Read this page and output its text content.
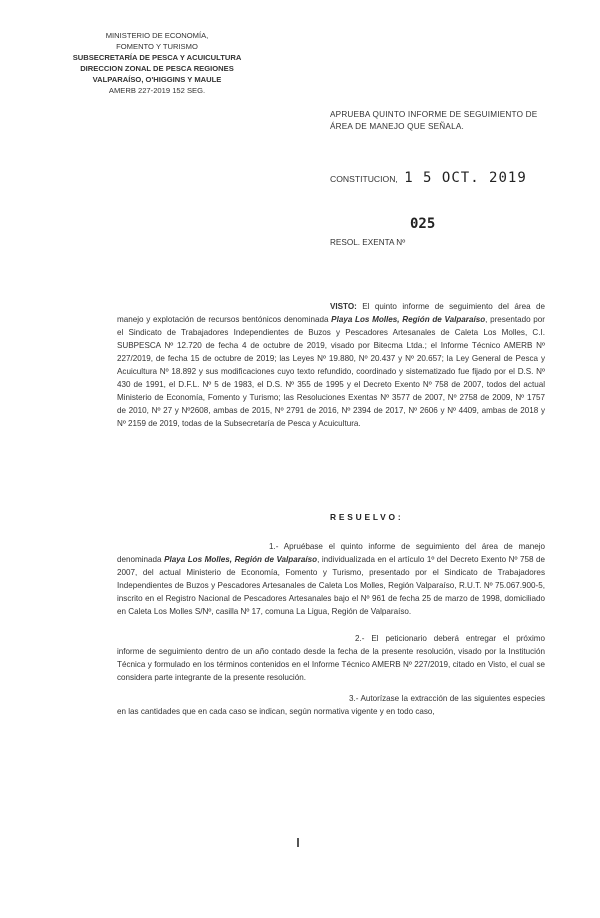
MINISTERIO DE ECONOMÍA,
FOMENTO Y TURISMO
SUBSECRETARÍA DE PESCA Y ACUICULTURA
DIRECCION ZONAL DE PESCA REGIONES
VALPARAÍSO, O'HIGGINS Y MAULE
AMERB 227-2019 152 SEG.
APRUEBA QUINTO INFORME DE SEGUIMIENTO DE ÁREA DE MANEJO QUE SEÑALA.
CONSTITUCION, 1 5 OCT. 2019
025
RESOL. EXENTA Nº
VISTO: El quinto informe de seguimiento del área de manejo y explotación de recursos bentónicos denominada Playa Los Molles, Región de Valparaíso, presentado por el Sindicato de Trabajadores Independientes de Buzos y Pescadores Artesanales de Caleta Los Molles, C.I. SUBPESCA Nº 12.720 de fecha 4 de octubre de 2019, visado por Bitecma Ltda.; el Informe Técnico AMERB Nº 227/2019, de fecha 15 de octubre de 2019; las Leyes Nº 19.880, Nº 20.437 y Nº 20.657; la Ley General de Pesca y Acuicultura Nº 18.892 y sus modificaciones cuyo texto refundido, coordinado y sistematizado fue fijado por el D.S. Nº 430 de 1991, el D.F.L. Nº 5 de 1983, el D.S. Nº 355 de 1995 y el Decreto Exento Nº 758 de 2007, todos del actual Ministerio de Economía, Fomento y Turismo; las Resoluciones Exentas Nº 3577 de 2007, Nº 2758 de 2009, Nº 1757 de 2010, Nº 27 y Nº2608, ambas de 2015, Nº 2791 de 2016, Nº 2394 de 2017, Nº 2606 y Nº 4409, ambas de 2018 y Nº 2159 de 2019, todas de la Subsecretaría de Pesca y Acuicultura.
RESUELVO:
1.- Apruébase el quinto informe de seguimiento del área de manejo denominada Playa Los Molles, Región de Valparaíso, individualizada en el artículo 1º del Decreto Exento Nº 758 de 2007, del actual Ministerio de Economía, Fomento y Turismo, presentado por el Sindicato de Trabajadores Independientes de Buzos y Pescadores Artesanales de Caleta Los Molles, Región Valparaíso, R.U.T. Nº 75.067.900-5, inscrito en el Registro Nacional de Pescadores Artesanales bajo el Nº 961 de fecha 25 de marzo de 1998, domiciliado en Caleta Los Molles S/Nº, casilla Nº 17, comuna La Ligua, Región de Valparaíso.
2.- El peticionario deberá entregar el próximo informe de seguimiento dentro de un año contado desde la fecha de la presente resolución, visado por la Institución Técnica y formulado en los términos contenidos en el Informe Técnico AMERB Nº 227/2019, citado en Visto, el cual se considera parte integrante de la presente resolución.
3.- Autorízase la extracción de las siguientes especies en las cantidades que en cada caso se indican, según normativa vigente y en todo caso,
